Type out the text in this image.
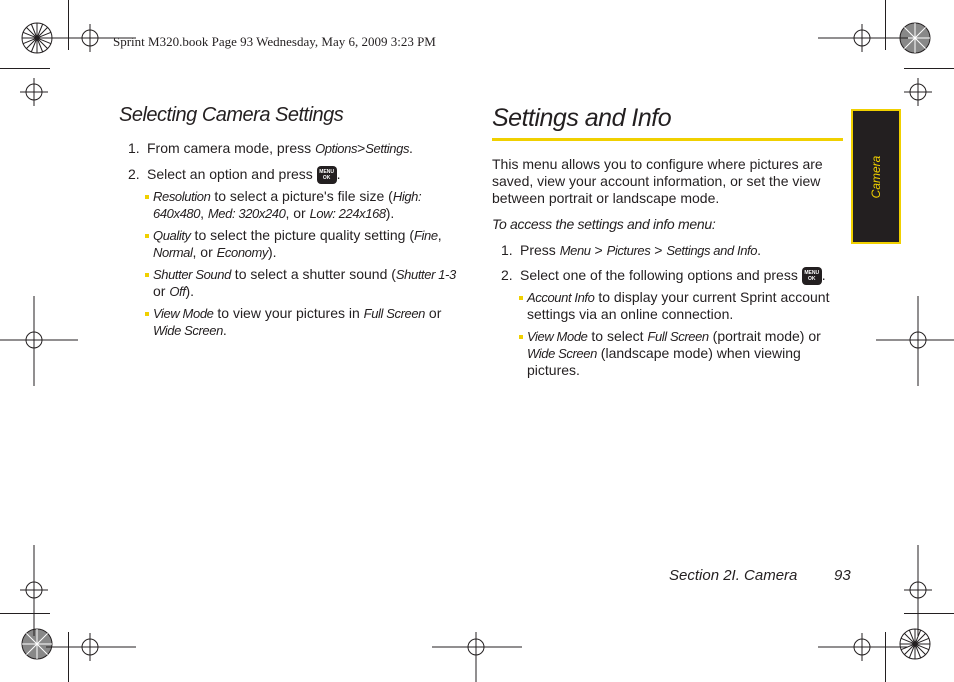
Sprint M320.book Page 93 Wednesday, May 6, 2009 3:23 PM
Camera
Selecting Camera Settings
1. From camera mode, press Options>Settings.
2. Select an option and press MENU
OK .
Resolution to select a picture's file size (High: 640x480, Med: 320x240, or Low: 224x168).
Quality to select the picture quality setting (Fine, Normal, or Economy).
Shutter Sound to select a shutter sound (Shutter 1-3 or Off).
View Mode to view your pictures in Full Screen or Wide Screen.
Settings and Info
This menu allows you to configure where pictures are saved, view your account information, or set the view between portrait or landscape mode.
To access the settings and info menu:
1. Press Menu > Pictures > Settings and Info.
2. Select one of the following options and press MENU
OK .
Account Info to display your current Sprint account settings via an online connection.
View Mode to select Full Screen (portrait mode) or Wide Screen (landscape mode) when viewing pictures.
Section 2I. Camera 93
